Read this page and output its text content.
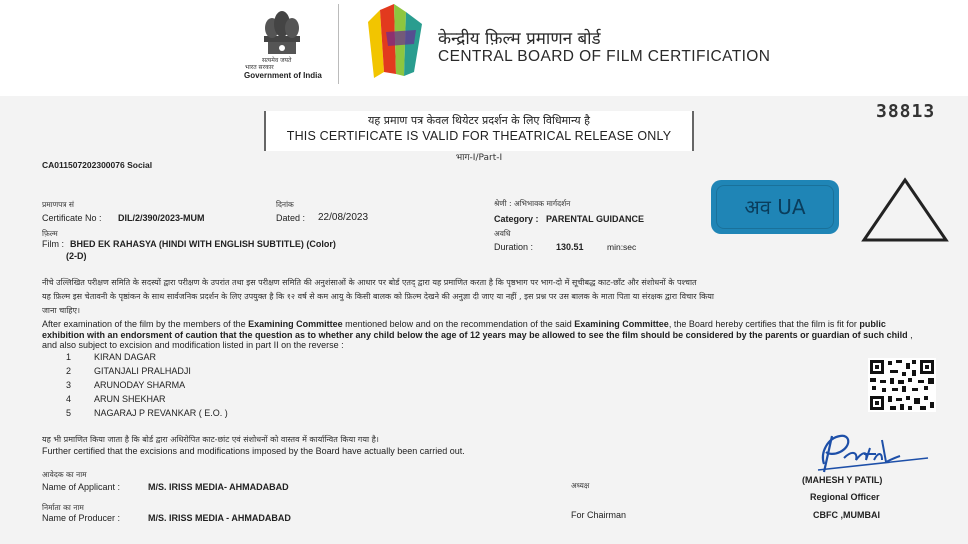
सत्यमेव जयते
भारत सरकार
Government of India
केन्द्रीय फ़िल्म प्रमाणन बोर्ड
CENTRAL BOARD OF FILM CERTIFICATION
38813
यह प्रमाण पत्र केवल थियेटर प्रदर्शन के लिए विधिमान्य है
THIS CERTIFICATE IS VALID FOR THEATRICAL RELEASE ONLY
भाग-I/Part-I
CA011507202300076 Social
प्रमाणपत्र सं
Certificate No : DIL/2/390/2023-MUM
दिनांक
Dated : 22/08/2023
श्रेणी : अभिभावक मार्गदर्शन
Category : PARENTAL GUIDANCE
फ़िल्म
Film : BHED EK RAHASYA (HINDI WITH ENGLISH SUBTITLE) (Color)
(2-D)
अवधि
Duration :	130.51	min:sec
अव UA
नीचे उल्लिखित परीक्षण समिति के सदस्यों द्वारा परीक्षण के उपरांत तथा इस परीक्षण समिति की अनुशंसाओं के आधार पर बोर्ड एतद् द्वारा यह प्रमाणित करता है कि पृष्ठभाग पर भाग-दो में सूचीबद्ध काट-छाँट और संशोधनों के पश्चात
यह फ़िल्म इस चेतावनी के पृष्ठांकन के साथ सार्वजनिक प्रदर्शन के लिए उपयुक्त है कि १२ वर्ष से कम आयु के किसी बालक को फ़िल्म देखने की अनुज्ञा दी जाए या नहीं , इस प्रश्न पर उस बालक के माता पिता या संरक्षक द्वारा विचार किया
जाना चाहिए।
After examination of the film by the members of the Examining Committee mentioned below and on the recommendation of the said Examining Committee, the Board hereby certifies that the film is fit for public exhibition with an endorsment of caution that the question as to whether any child below the age of 12 years may be allowed to see the film should be considered by the parents or guardian of such child , and also subject to excision and modification listed in part II on the reverse :
1	KIRAN DAGAR
2	GITANJALI PRALHADJI
3	ARUNODAY SHARMA
4	ARUN SHEKHAR
5	NAGARAJ P REVANKAR ( E.O. )
यह भी प्रमाणित किया जाता है कि बोर्ड द्वारा अधिरोपित काट-छांट एवं संशोधनों को वास्तव में कार्यान्वित किया गया है।
Further certified that the excisions and modifications imposed by the Board have actually been carried out.
आवेदक का नाम
Name of Applicant :	M/S. IRISS MEDIA- AHMADABAD
निर्माता का नाम
Name of Producer :	M/S. IRISS MEDIA - AHMADABAD
अध्यक्ष
For Chairman
(MAHESH Y PATIL)
Regional Officer
CBFC ,MUMBAI
